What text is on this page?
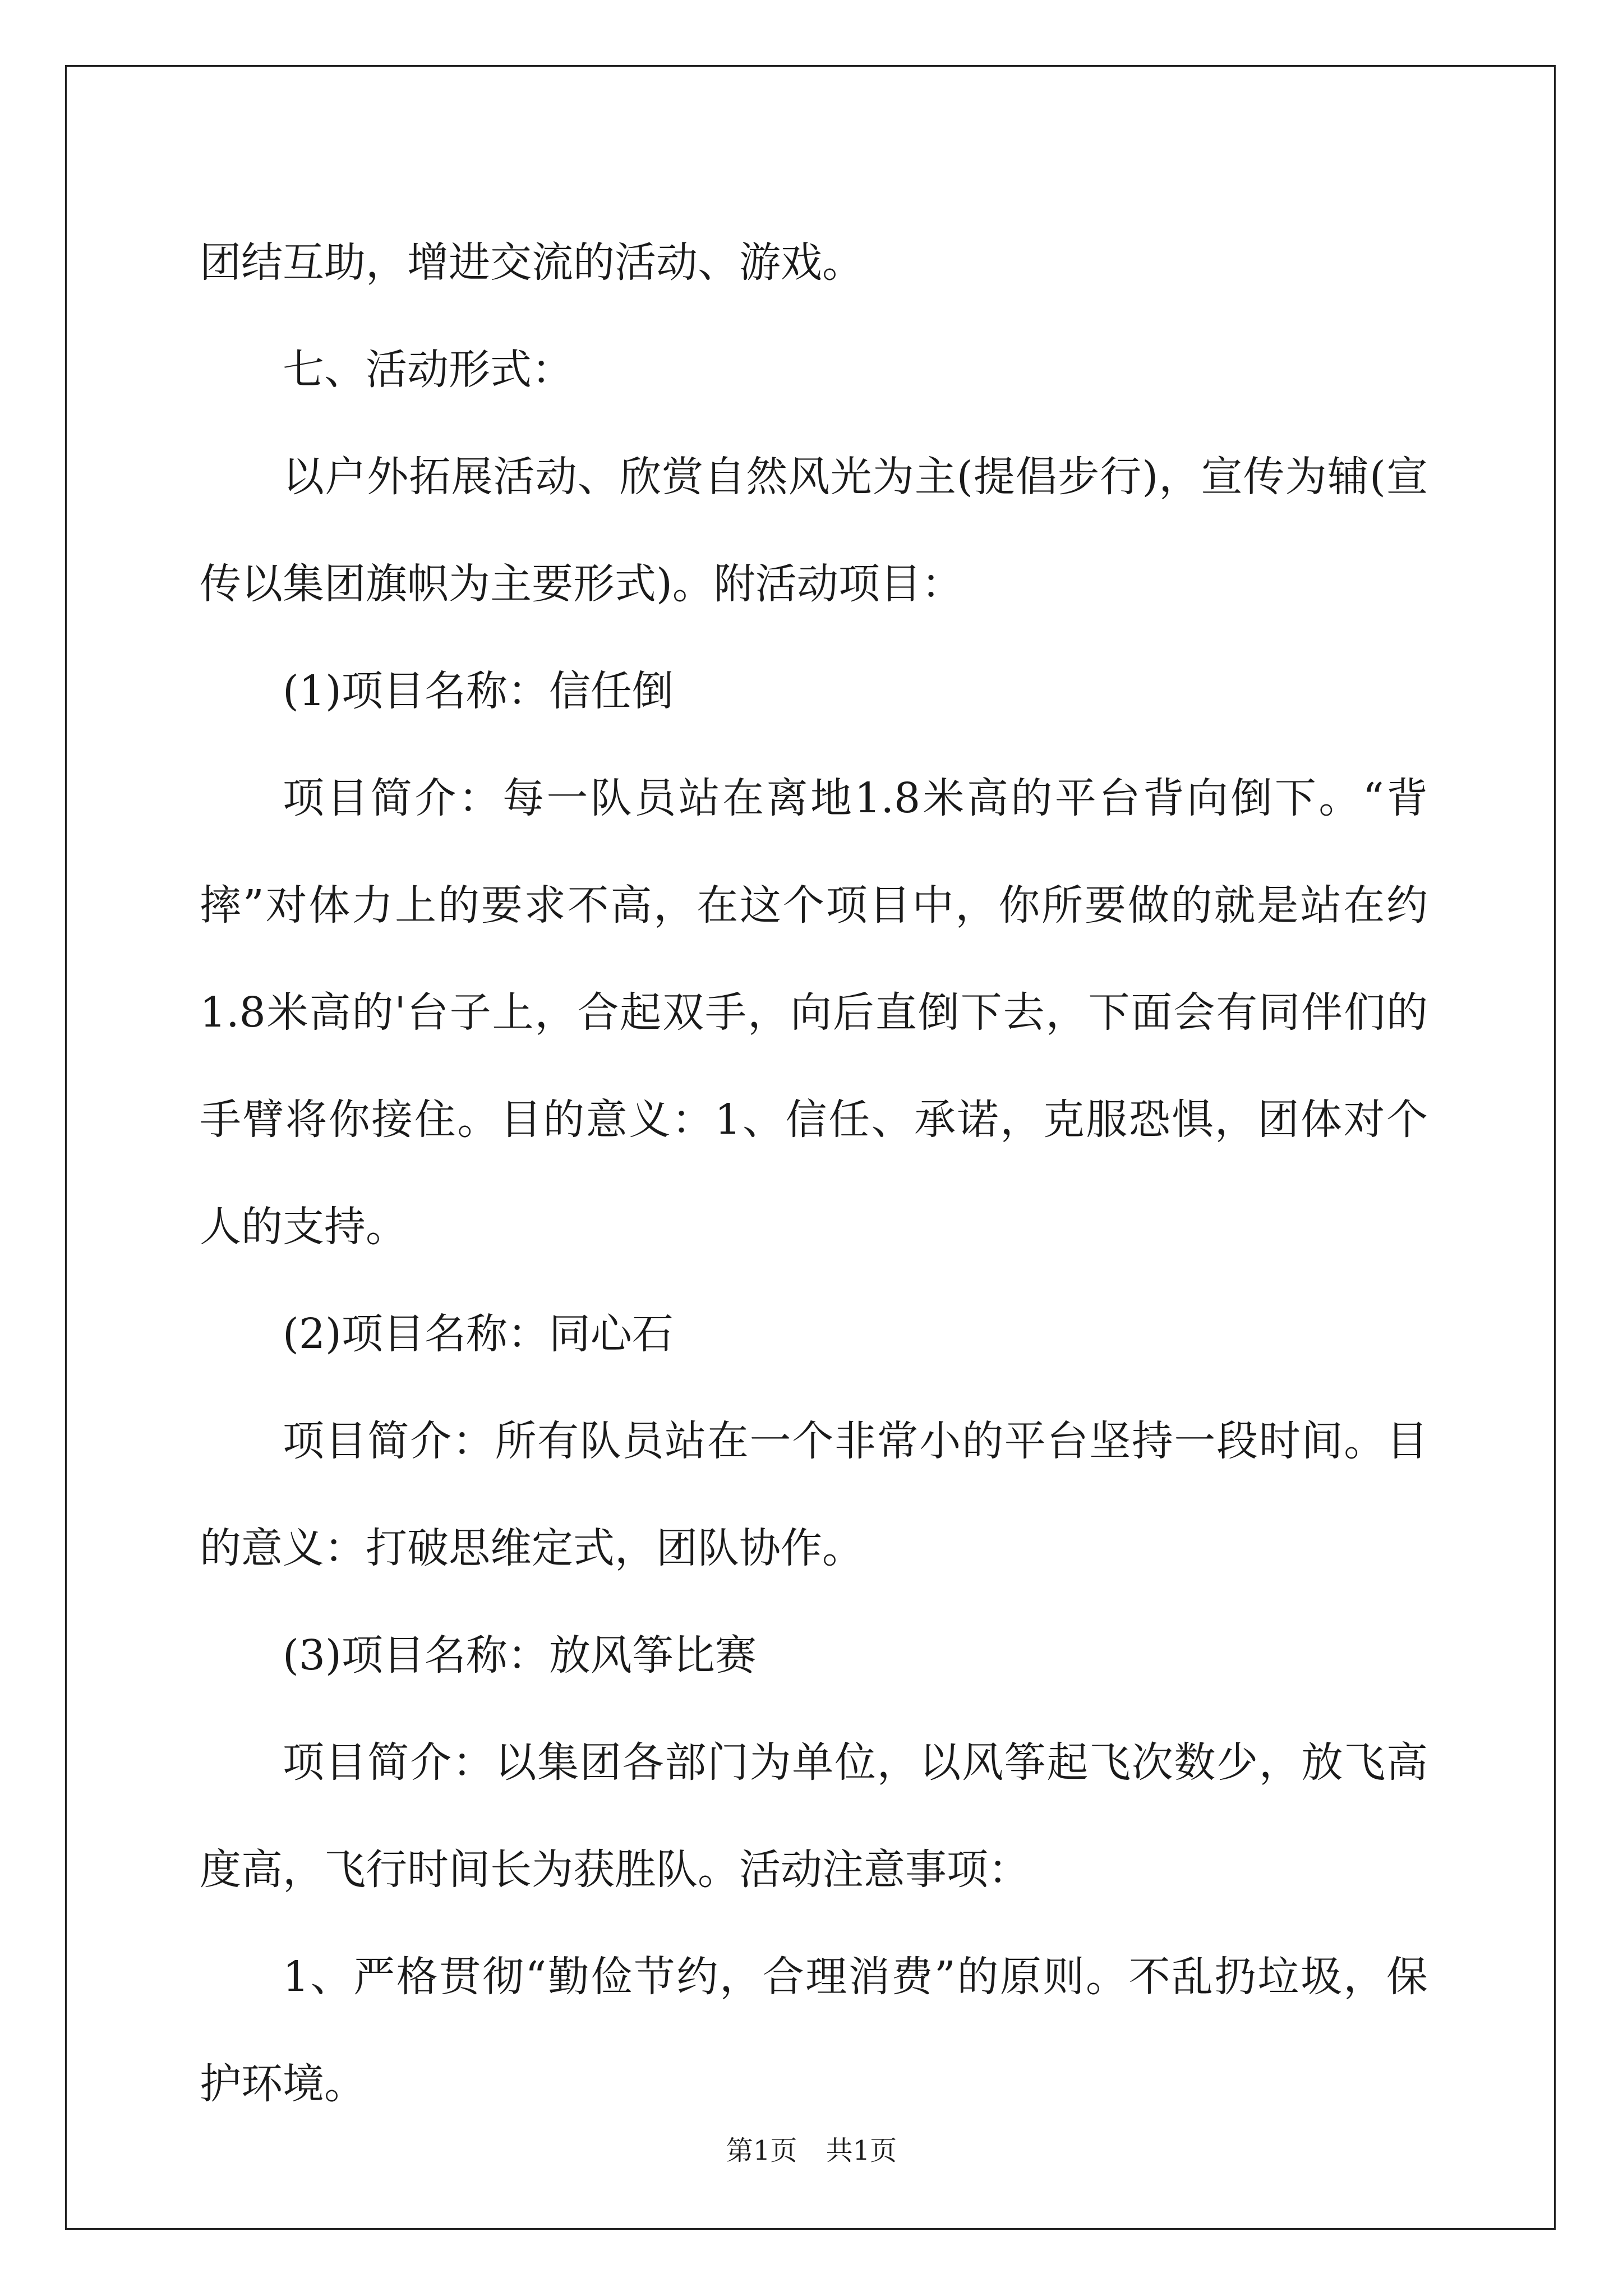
团结互助，增进交流的活动、游戏。

七、活动形式：

以户外拓展活动、欣赏自然风光为主(提倡步行)，宣传为辅(宣传以集团旗帜为主要形式)。附活动项目：

(1)项目名称：信任倒

项目简介：每一队员站在离地1.8米高的平台背向倒下。“背摔”对体力上的要求不高，在这个项目中，你所要做的就是站在约1.8米高的'台子上，合起双手，向后直倒下去，下面会有同伴们的手臂将你接住。目的意义：1、信任、承诺，克服恐惧，团体对个人的支持。

(2)项目名称：同心石

项目简介：所有队员站在一个非常小的平台坚持一段时间。目的意义：打破思维定式，团队协作。

(3)项目名称：放风筝比赛

项目简介：以集团各部门为单位，以风筝起飞次数少，放飞高度高，飞行时间长为获胜队。活动注意事项：

1、严格贯彻“勤俭节约，合理消费”的原则。不乱扔垃圾，保护环境。

第1页 共1页
